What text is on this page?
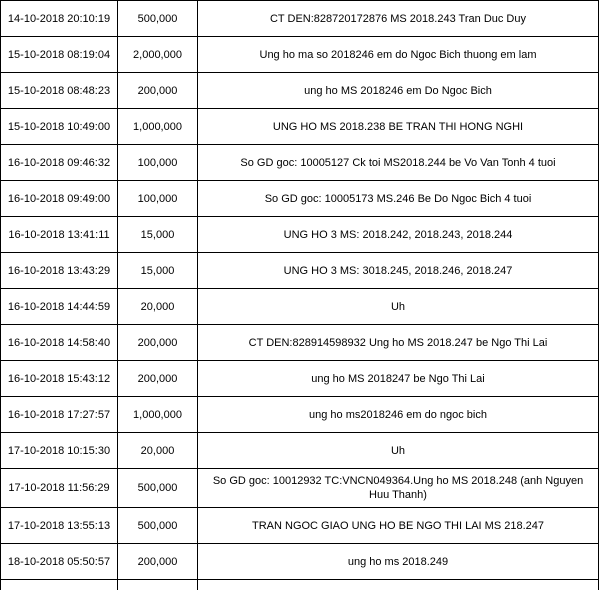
14-10-2018 20:10:19	500,000	CT DEN:828720172876 MS 2018.243 Tran Duc Duy
15-10-2018 08:19:04	2,000,000	Ung ho ma so 2018246 em do Ngoc Bich thuong em lam
15-10-2018 08:48:23	200,000	ung ho MS 2018246 em Do Ngoc Bich
15-10-2018 10:49:00	1,000,000	UNG HO MS 2018.238 BE TRAN THI HONG NGHI
16-10-2018 09:46:32	100,000	So GD goc: 10005127 Ck toi MS2018.244 be Vo Van Tonh 4 tuoi
16-10-2018 09:49:00	100,000	So GD goc: 10005173 MS.246 Be Do Ngoc Bich 4 tuoi
16-10-2018 13:41:11	15,000	UNG HO 3 MS: 2018.242, 2018.243, 2018.244
16-10-2018 13:43:29	15,000	UNG HO 3 MS: 3018.245, 2018.246, 2018.247
16-10-2018 14:44:59	20,000	Uh
16-10-2018 14:58:40	200,000	CT DEN:828914598932 Ung ho MS 2018.247 be Ngo Thi Lai
16-10-2018 15:43:12	200,000	ung ho MS 2018247 be Ngo Thi Lai
16-10-2018 17:27:57	1,000,000	ung ho ms2018246 em do ngoc bich
17-10-2018 10:15:30	20,000	Uh
17-10-2018 11:56:29	500,000	So GD goc: 10012932 TC:VNCN049364.Ung ho MS 2018.248 (anh Nguyen Huu Thanh)
17-10-2018 13:55:13	500,000	TRAN NGOC GIAO UNG HO BE NGO THI LAI MS 218.247
18-10-2018 05:50:57	200,000	ung ho ms 2018.249
